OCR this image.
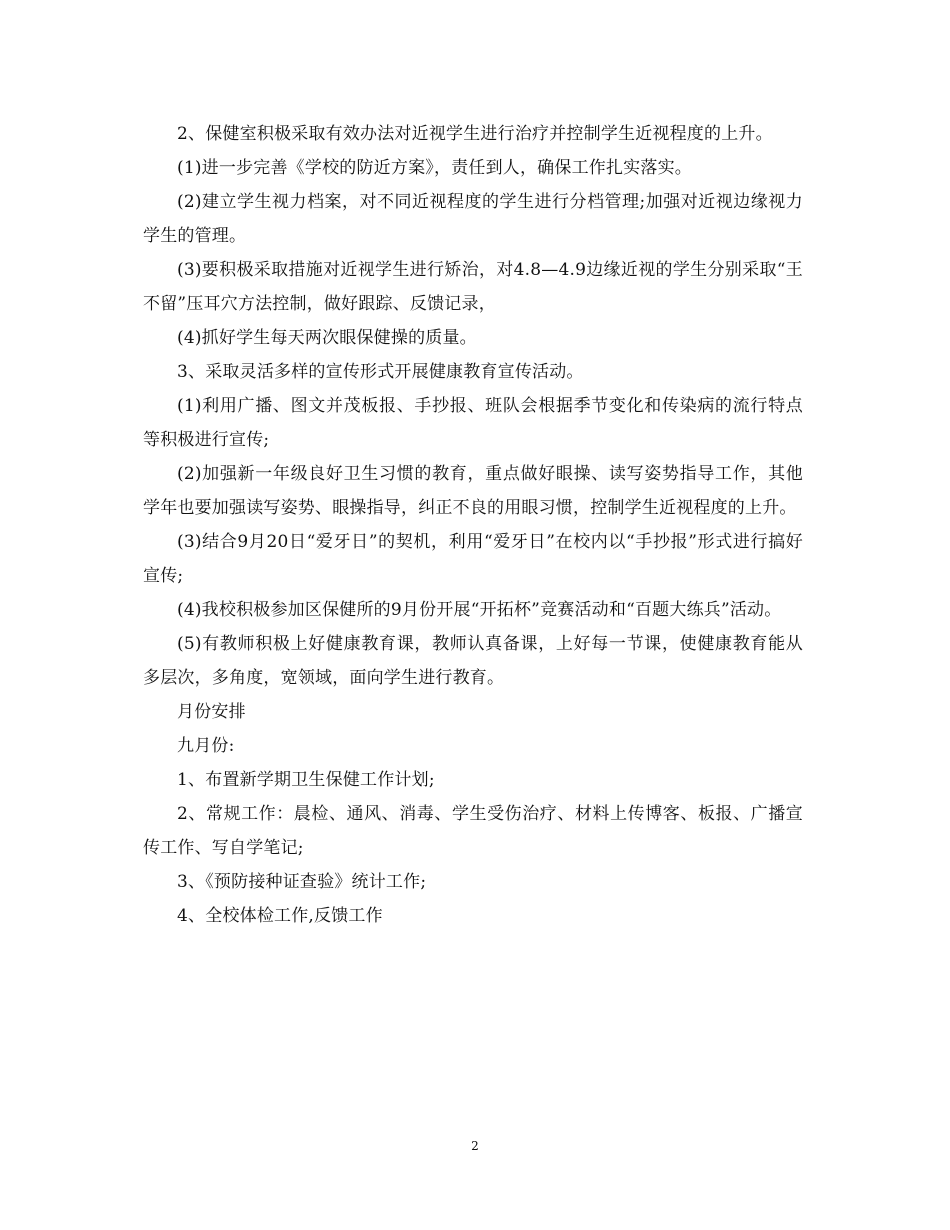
2、保健室积极采取有效办法对近视学生进行治疗并控制学生近视程度的上升。

(1)进一步完善《学校的防近方案》，责任到人，确保工作扎实落实。

(2)建立学生视力档案，对不同近视程度的学生进行分档管理;加强对近视边缘视力学生的管理。

(3)要积极采取措施对近视学生进行矫治，对4.8—4.9边缘近视的学生分别采取“王不留”压耳穴方法控制，做好跟踪、反馈记录，

(4)抓好学生每天两次眼保健操的质量。

3、采取灵活多样的宣传形式开展健康教育宣传活动。

(1)利用广播、图文并茂板报、手抄报、班队会根据季节变化和传染病的流行特点等积极进行宣传;

(2)加强新一年级良好卫生习惯的教育，重点做好眼操、读写姿势指导工作，其他学年也要加强读写姿势、眼操指导，纠正不良的用眼习惯，控制学生近视程度的上升。

(3)结合9月20日“爱牙日”的契机，利用“爱牙日”在校内以“手抄报”形式进行搞好宣传;

(4)我校积极参加区保健所的9月份开展“开拓杯”竞赛活动和“百题大练兵”活动。

(5)有教师积极上好健康教育课，教师认真备课，上好每一节课，使健康教育能从多层次，多角度，宽领域，面向学生进行教育。

月份安排

九月份:

1、布置新学期卫生保健工作计划;

2、常规工作：晨检、通风、消毒、学生受伤治疗、材料上传博客、板报、广播宣传工作、写自学笔记;

3、《预防接种证查验》统计工作;

4、全校体检工作,反馈工作

2
